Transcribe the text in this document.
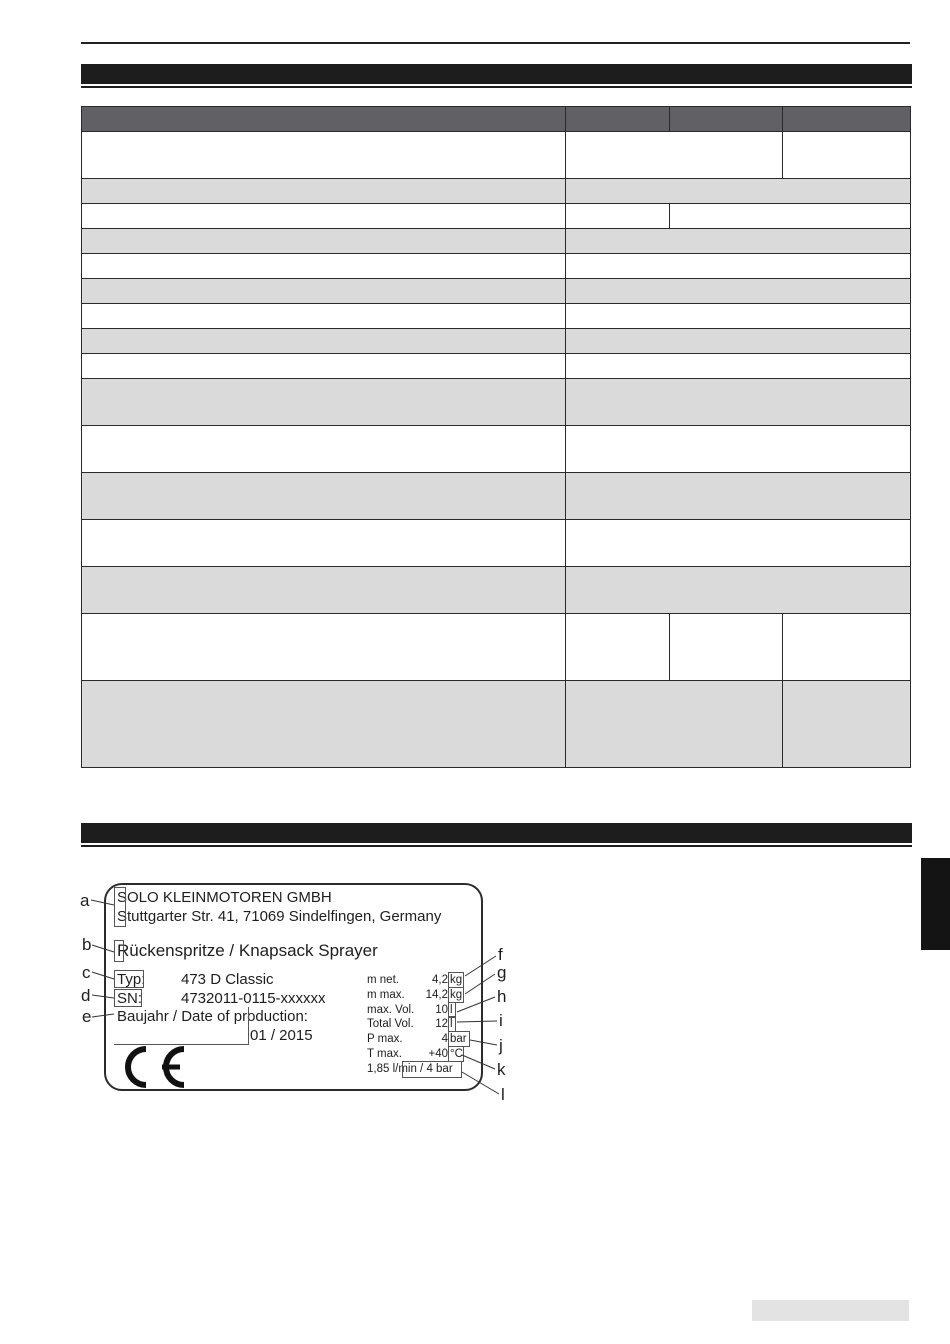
SOLO KLEINMOTOREN GMBH
Stuttgarter Str. 41, 71069 Sindelfingen, Germany
Rückenspritze / Knapsack Sprayer
Typ: 473 D Classic
SN:	4732011-0115-xxxxxx
Baujahr / Date of production:
01 / 2015
m net.	4,2 kg
m max. 14,2 kg
max. Vol. 10 l
Total Vol. 12 l
P max.	4 bar
T max. +40 °C
1,85 l/min / 4 bar
a
b
c
d
e
f
g
h
i
j
k
l
